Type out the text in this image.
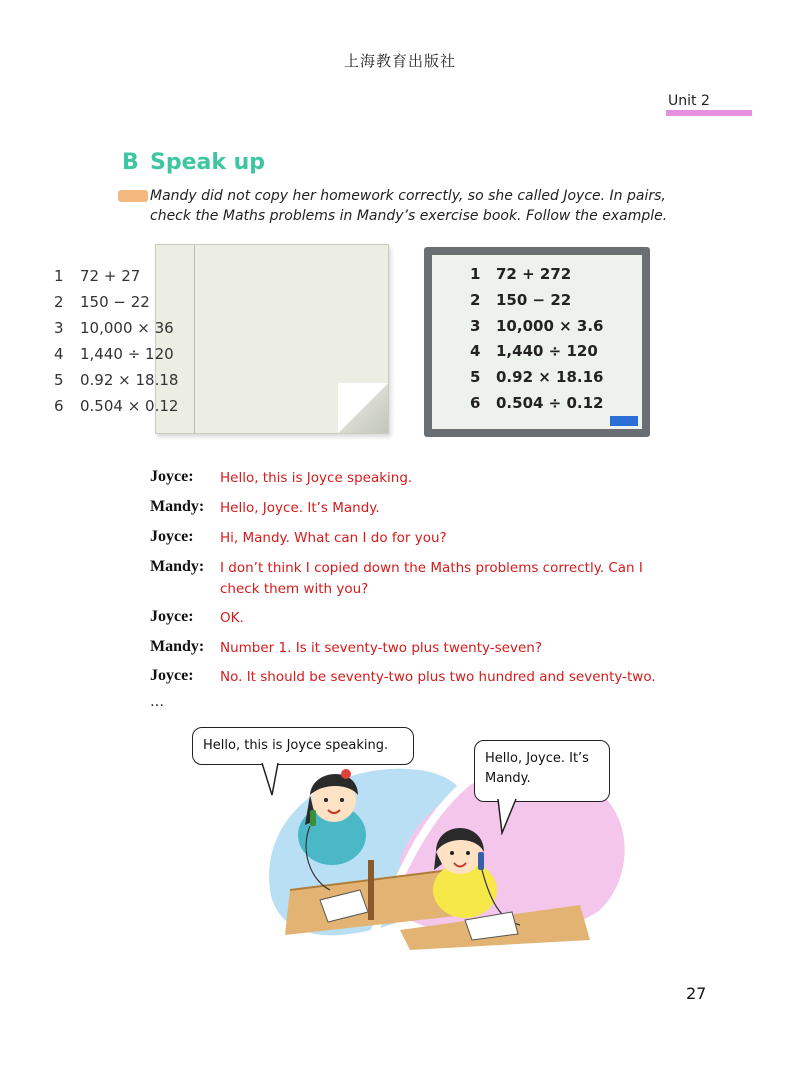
上海教育出版社
Unit 2
B Speak up
Mandy did not copy her homework correctly, so she called Joyce. In pairs, check the Maths problems in Mandy’s exercise book. Follow the example.
1 72 + 27
2 150 − 22
3 10,000 × 36
4 1,440 ÷ 120
5 0.92 × 18.18
6 0.504 × 0.12
1 72 + 272
2 150 − 22
3 10,000 × 3.6
4 1,440 ÷ 120
5 0.92 × 18.16
6 0.504 ÷ 0.12
Joyce: Hello, this is Joyce speaking.
Mandy: Hello, Joyce. It’s Mandy.
Joyce: Hi, Mandy. What can I do for you?
Mandy: I don’t think I copied down the Maths problems correctly. Can I check them with you?
Joyce: OK.
Mandy: Number 1. Is it seventy-two plus twenty-seven?
Joyce: No. It should be seventy-two plus two hundred and seventy-two.
…
Hello, this is Joyce speaking.
Hello, Joyce. It’s Mandy.
27
